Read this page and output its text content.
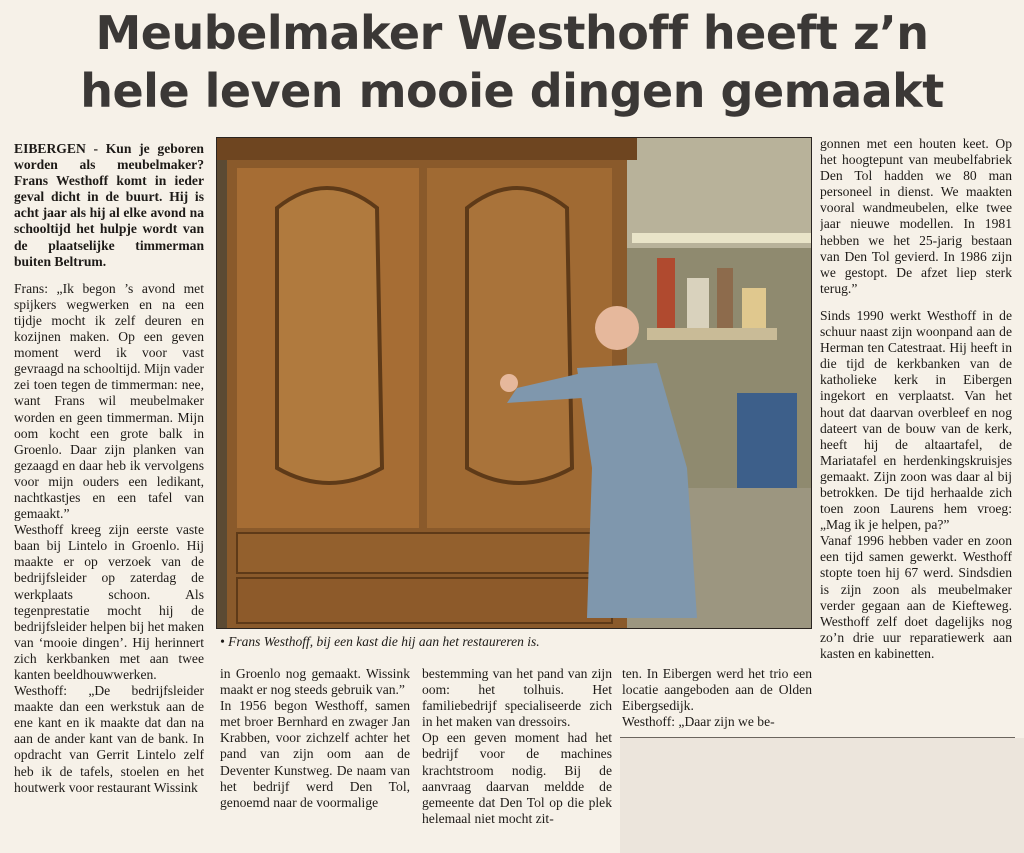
Meubelmaker Westhoff heeft z’n
hele leven mooie dingen gemaakt

EIBERGEN - Kun je geboren worden als meubelmaker? Frans Westhoff komt in ieder geval dicht in de buurt. Hij is acht jaar als hij al elke avond na schooltijd het hulpje wordt van de plaatselijke timmerman buiten Beltrum.

Frans: „Ik begon ’s avond met spijkers wegwerken en na een tijdje mocht ik zelf deuren en kozijnen maken. Op een geven moment werd ik voor vast gevraagd na schooltijd. Mijn vader zei toen tegen de timmerman: nee, want Frans wil meubelmaker worden en geen timmerman. Mijn oom kocht een grote balk in Groenlo. Daar zijn planken van gezaagd en daar heb ik vervolgens voor mijn ouders een ledikant, nachtkastjes en een tafel van gemaakt.”

Westhoff kreeg zijn eerste vaste baan bij Lintelo in Groenlo. Hij maakte er op verzoek van de bedrijfsleider op zaterdag de werkplaats schoon. Als tegenprestatie mocht hij de bedrijfsleider helpen bij het maken van ‘mooie dingen’. Hij herinnert zich kerkbanken met aan twee kanten beeldhouwwerken.

Westhoff: „De bedrijfsleider maakte dan een werkstuk aan de ene kant en ik maakte dat dan na aan de ander kant van de bank. In opdracht van Gerrit Lintelo zelf heb ik de tafels, stoelen en het houtwerk voor restaurant Wissink

• Frans Westhoff, bij een kast die hij aan het restaureren is.

in Groenlo nog gemaakt. Wissink maakt er nog steeds gebruik van.”

In 1956 begon Westhoff, samen met broer Bernhard en zwager Jan Krabben, voor zichzelf achter het pand van zijn oom aan de Deventer Kunstweg. De naam van het bedrijf werd Den Tol, genoemd naar de voormalige

bestemming van het pand van zijn oom: het tolhuis. Het familiebedrijf specialiseerde zich in het maken van dressoirs.

Op een geven moment had het bedrijf voor de machines krachtstroom nodig. Bij de aanvraag daarvan meldde de gemeente dat Den Tol op die plek helemaal niet mocht zit-

ten. In Eibergen werd het trio een locatie aangeboden aan de Olden Eibergsedijk.

Westhoff: „Daar zijn we be-

gonnen met een houten keet. Op het hoogtepunt van meubelfabriek Den Tol hadden we 80 man personeel in dienst. We maakten vooral wandmeubelen, elke twee jaar nieuwe modellen. In 1981 hebben we het 25-jarig bestaan van Den Tol gevierd. In 1986 zijn we gestopt. De afzet liep sterk terug.”

Sinds 1990 werkt Westhoff in de schuur naast zijn woonpand aan de Herman ten Catestraat. Hij heeft in die tijd de kerkbanken van de katholieke kerk in Eibergen ingekort en verplaatst. Van het hout dat daarvan overbleef en nog dateert van de bouw van de kerk, heeft hij de altaartafel, de Mariatafel en herdenkingskruisjes gemaakt. Zijn zoon was daar al bij betrokken. De tijd herhaalde zich toen zoon Laurens hem vroeg: „Mag ik je helpen, pa?”

Vanaf 1996 hebben vader en zoon een tijd samen gewerkt. Westhoff stopte toen hij 67 werd. Sindsdien is zijn zoon als meubelmaker verder gegaan aan de Kiefteweg. Westhoff zelf doet dagelijks nog zo’n drie uur reparatiewerk aan kasten en kabinetten.
